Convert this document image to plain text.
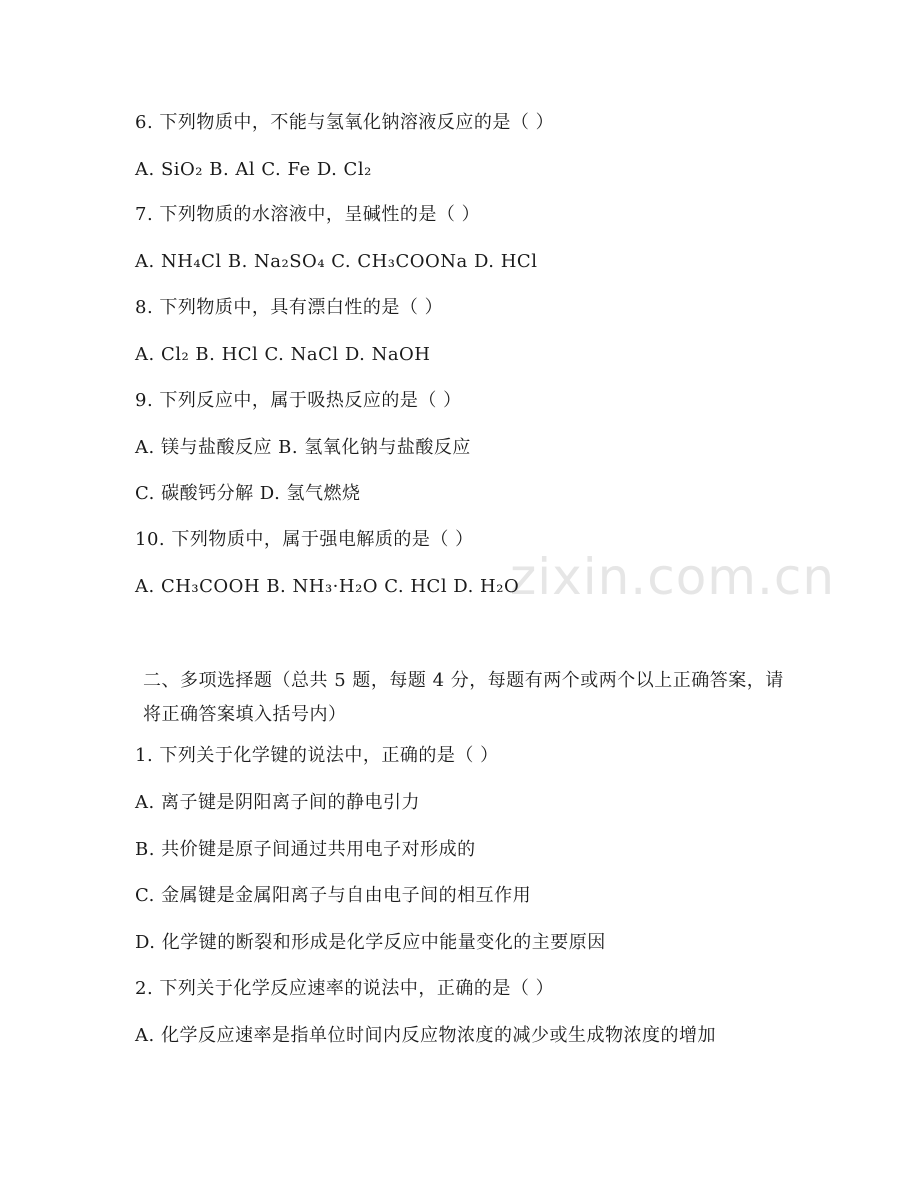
zixin.com.cn
6. 下列物质中，不能与氢氧化钠溶液反应的是（ ）
A. SiO₂ B. Al C. Fe D. Cl₂
7. 下列物质的水溶液中，呈碱性的是（ ）
A. NH₄Cl B. Na₂SO₄ C. CH₃COONa D. HCl
8. 下列物质中，具有漂白性的是（ ）
A. Cl₂ B. HCl C. NaCl D. NaOH
9. 下列反应中，属于吸热反应的是（ ）
A. 镁与盐酸反应 B. 氢氧化钠与盐酸反应
C. 碳酸钙分解 D. 氢气燃烧
10. 下列物质中，属于强电解质的是（ ）
A. CH₃COOH B. NH₃·H₂O C. HCl D. H₂O
二、多项选择题（总共 5 题，每题 4 分，每题有两个或两个以上正确答案，请将正确答案填入括号内）
1. 下列关于化学键的说法中，正确的是（ ）
A. 离子键是阴阳离子间的静电引力
B. 共价键是原子间通过共用电子对形成的
C. 金属键是金属阳离子与自由电子间的相互作用
D. 化学键的断裂和形成是化学反应中能量变化的主要原因
2. 下列关于化学反应速率的说法中，正确的是（ ）
A. 化学反应速率是指单位时间内反应物浓度的减少或生成物浓度的增加
